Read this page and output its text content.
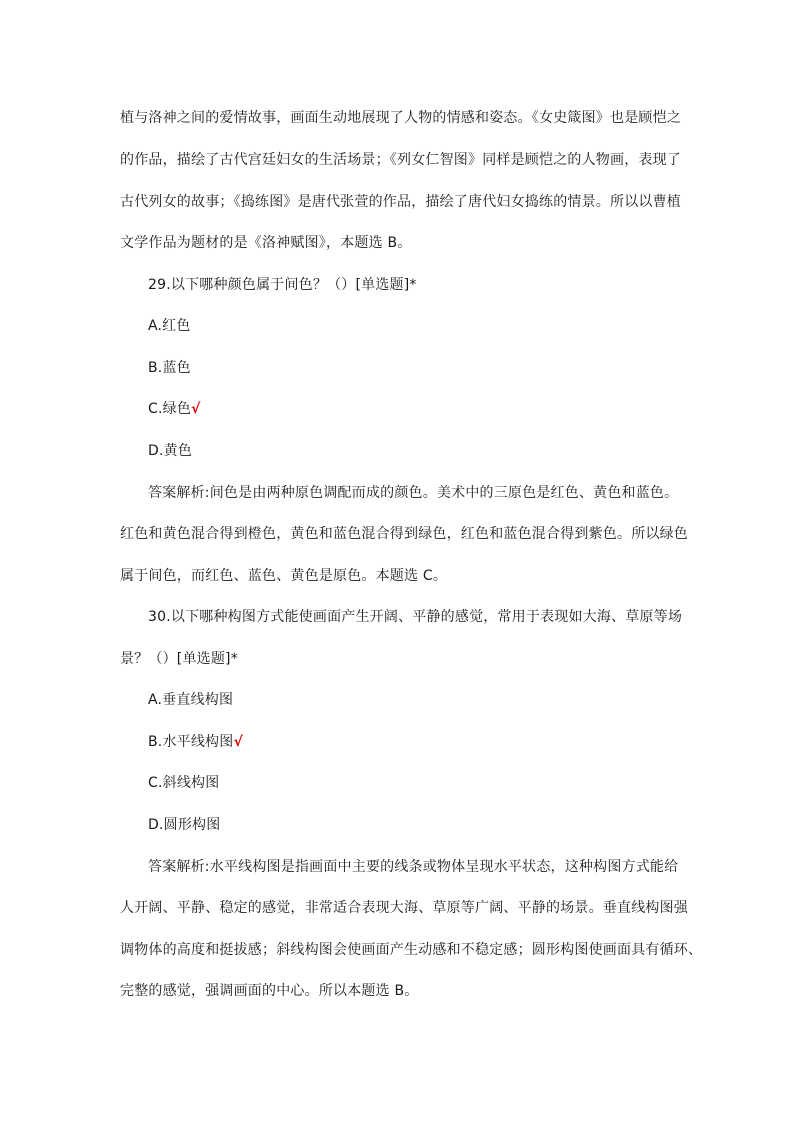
植与洛神之间的爱情故事，画面生动地展现了人物的情感和姿态。《女史箴图》也是顾恺之
的作品，描绘了古代宫廷妇女的生活场景；《列女仁智图》同样是顾恺之的人物画，表现了
古代列女的故事；《捣练图》是唐代张萱的作品，描绘了唐代妇女捣练的情景。所以以曹植
文学作品为题材的是《洛神赋图》，本题选 B。
29.以下哪种颜色属于间色？（）[单选题]*
A.红色
B.蓝色
C.绿色√
D.黄色
答案解析:间色是由两种原色调配而成的颜色。美术中的三原色是红色、黄色和蓝色。
红色和黄色混合得到橙色，黄色和蓝色混合得到绿色，红色和蓝色混合得到紫色。所以绿色
属于间色，而红色、蓝色、黄色是原色。本题选 C。
30.以下哪种构图方式能使画面产生开阔、平静的感觉，常用于表现如大海、草原等场
景？（）[单选题]*
A.垂直线构图
B.水平线构图√
C.斜线构图
D.圆形构图
答案解析:水平线构图是指画面中主要的线条或物体呈现水平状态，这种构图方式能给
人开阔、平静、稳定的感觉，非常适合表现大海、草原等广阔、平静的场景。垂直线构图强
调物体的高度和挺拔感；斜线构图会使画面产生动感和不稳定感；圆形构图使画面具有循环、
完整的感觉，强调画面的中心。所以本题选 B。
